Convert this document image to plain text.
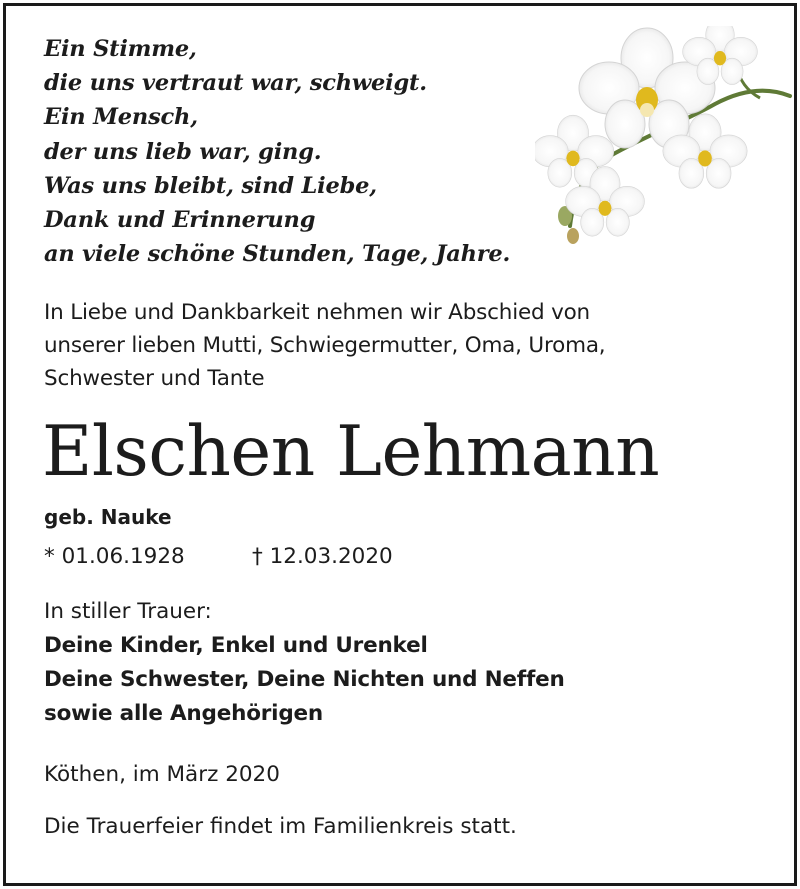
Ein Stimme,
die uns vertraut war, schweigt.
Ein Mensch,
der uns lieb war, ging.
Was uns bleibt, sind Liebe,
Dank und Erinnerung
an viele schöne Stunden, Tage, Jahre.

In Liebe und Dankbarkeit nehmen wir Abschied von
unserer lieben Mutti, Schwiegermutter, Oma, Uroma,
Schwester und Tante

Elschen Lehmann

geb. Nauke

* 01.06.1928	† 12.03.2020

In stiller Trauer:

Deine Kinder, Enkel und Urenkel
Deine Schwester, Deine Nichten und Neffen
sowie alle Angehörigen

Köthen, im März 2020

Die Trauerfeier findet im Familienkreis statt.
